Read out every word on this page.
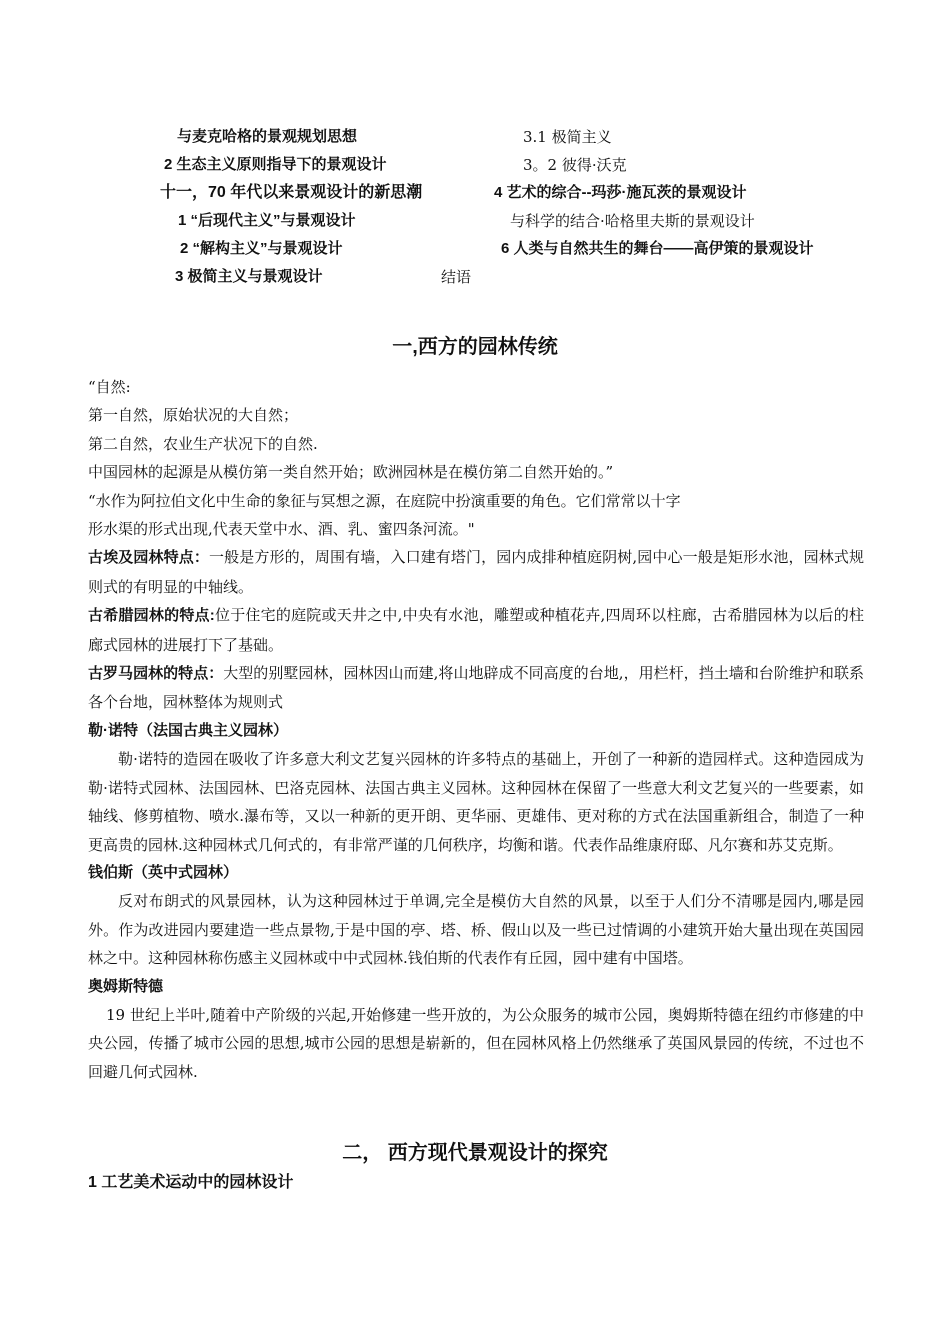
与麦克哈格的景观规划思想
2 生态主义原则指导下的景观设计
十一，70 年代以来景观设计的新思潮
1 “后现代主义”与景观设计
2 “解构主义”与景观设计
3 极简主义与景观设计
3.1 极简主义
3。2 彼得·沃克
4 艺术的综合--玛莎·施瓦茨的景观设计
与科学的结合·哈格里夫斯的景观设计
6 人类与自然共生的舞台——高伊策的景观设计
结语
一,西方的园林传统
“自然:
第一自然，原始状况的大自然；
第二自然，农业生产状况下的自然.
中国园林的起源是从模仿第一类自然开始；欧洲园林是在模仿第二自然开始的。”
“水作为阿拉伯文化中生命的象征与冥想之源，在庭院中扮演重要的角色。它们常常以十字
形水渠的形式出现,代表天堂中水、酒、乳、蜜四条河流。"
古埃及园林特点：一般是方形的，周围有墙，入口建有塔门，园内成排种植庭阴树,园中心一般是矩形水池，园林式规则式的有明显的中轴线。
古希腊园林的特点:位于住宅的庭院或天井之中,中央有水池，雕塑或种植花卉,四周环以柱廊，古希腊园林为以后的柱廊式园林的进展打下了基础。
古罗马园林的特点：大型的别墅园林，园林因山而建,将山地辟成不同高度的台地,，用栏杆，挡土墙和台阶维护和联系各个台地，园林整体为规则式
勒·诺特（法国古典主义园林）
勒·诺特的造园在吸收了许多意大利文艺复兴园林的许多特点的基础上，开创了一种新的造园样式。这种造园成为勒·诺特式园林、法国园林、巴洛克园林、法国古典主义园林。这种园林在保留了一些意大利文艺复兴的一些要素，如轴线、修剪植物、喷水.瀑布等，又以一种新的更开朗、更华丽、更雄伟、更对称的方式在法国重新组合，制造了一种更高贵的园林.这种园林式几何式的，有非常严谨的几何秩序，均衡和谐。代表作品维康府邸、凡尔赛和苏艾克斯。
钱伯斯（英中式园林）
反对布朗式的风景园林，认为这种园林过于单调,完全是模仿大自然的风景，以至于人们分不清哪是园内,哪是园外。作为改进园内要建造一些点景物,于是中国的亭、塔、桥、假山以及一些已过情调的小建筑开始大量出现在英国园林之中。这种园林称伤感主义园林或中中式园林.钱伯斯的代表作有丘园，园中建有中国塔。
奥姆斯特德
19 世纪上半叶,随着中产阶级的兴起,开始修建一些开放的，为公众服务的城市公园，奥姆斯特德在纽约市修建的中央公园，传播了城市公园的思想,城市公园的思想是崭新的，但在园林风格上仍然继承了英国风景园的传统，不过也不回避几何式园林.
二， 西方现代景观设计的探究
1 工艺美术运动中的园林设计
